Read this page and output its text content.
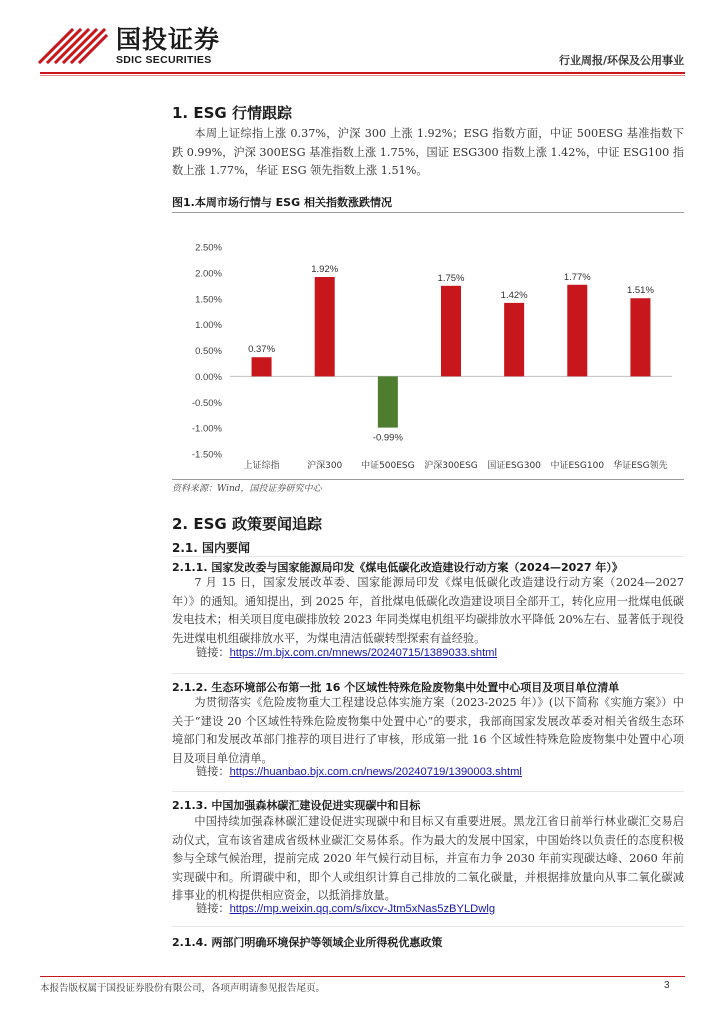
国投证券
SDIC SECURITIES	行业周报/环保及公用事业
1. ESG 行情跟踪
本周上证综指上涨 0.37%，沪深 300 上涨 1.92%；ESG 指数方面，中证 500ESG 基准指数下跌 0.99%，沪深 300ESG 基准指数上涨 1.75%，国证 ESG300 指数上涨 1.42%，中证 ESG100 指数上涨 1.77%，华证 ESG 领先指数上涨 1.51%。
图1.本周市场行情与 ESG 相关指数涨跌情况
2.50%
2.00%
1.50%
1.00%
0.50%
0.00%
-0.50%
-1.00%
-1.50%
0.37%
上证综指
1.92%
沪深300
-0.99%
中证500ESG
1.75%
沪深300ESG
1.42%
国证ESG300
1.77%
中证ESG100
1.51%
华证ESG领先
资料来源：Wind，国投证券研究中心
2. ESG 政策要闻追踪
2.1. 国内要闻
2.1.1. 国家发改委与国家能源局印发《煤电低碳化改造建设行动方案（2024—2027 年）》
7 月 15 日，国家发展改革委、国家能源局印发《煤电低碳化改造建设行动方案（2024—2027 年）》的通知。通知提出，到 2025 年，首批煤电低碳化改造建设项目全部开工，转化应用一批煤电低碳发电技术；相关项目度电碳排放较 2023 年同类煤电机组平均碳排放水平降低 20%左右、显著低于现役先进煤电机组碳排放水平，为煤电清洁低碳转型探索有益经验。
链接：https://m.bjx.com.cn/mnews/20240715/1389033.shtml
2.1.2. 生态环境部公布第一批 16 个区域性特殊危险废物集中处置中心项目及项目单位清单
为贯彻落实《危险废物重大工程建设总体实施方案（2023-2025 年）》(以下简称《实施方案》）中关于“建设 20 个区域性特殊危险废物集中处置中心”的要求，我部商国家发展改革委对相关省级生态环境部门和发展改革部门推荐的项目进行了审核，形成第一批 16 个区域性特殊危险废物集中处置中心项目及项目单位清单。
链接：https://huanbao.bjx.com.cn/news/20240719/1390003.shtml
2.1.3. 中国加强森林碳汇建设促进实现碳中和目标
中国持续加强森林碳汇建设促进实现碳中和目标又有重要进展。黑龙江省日前举行林业碳汇交易启动仪式，宣布该省建成省级林业碳汇交易体系。作为最大的发展中国家，中国始终以负责任的态度积极参与全球气候治理，提前完成 2020 年气候行动目标，并宣布力争 2030 年前实现碳达峰、2060 年前实现碳中和。所谓碳中和，即个人或组织计算自己排放的二氧化碳量，并根据排放量向从事二氧化碳减排事业的机构提供相应资金，以抵消排放量。
链接：https://mp.weixin.qq.com/s/ixcv-Jtm5xNas5zBYLDwlg
2.1.4. 两部门明确环境保护等领域企业所得税优惠政策
本报告版权属于国投证券股份有限公司，各项声明请参见报告尾页。	3
